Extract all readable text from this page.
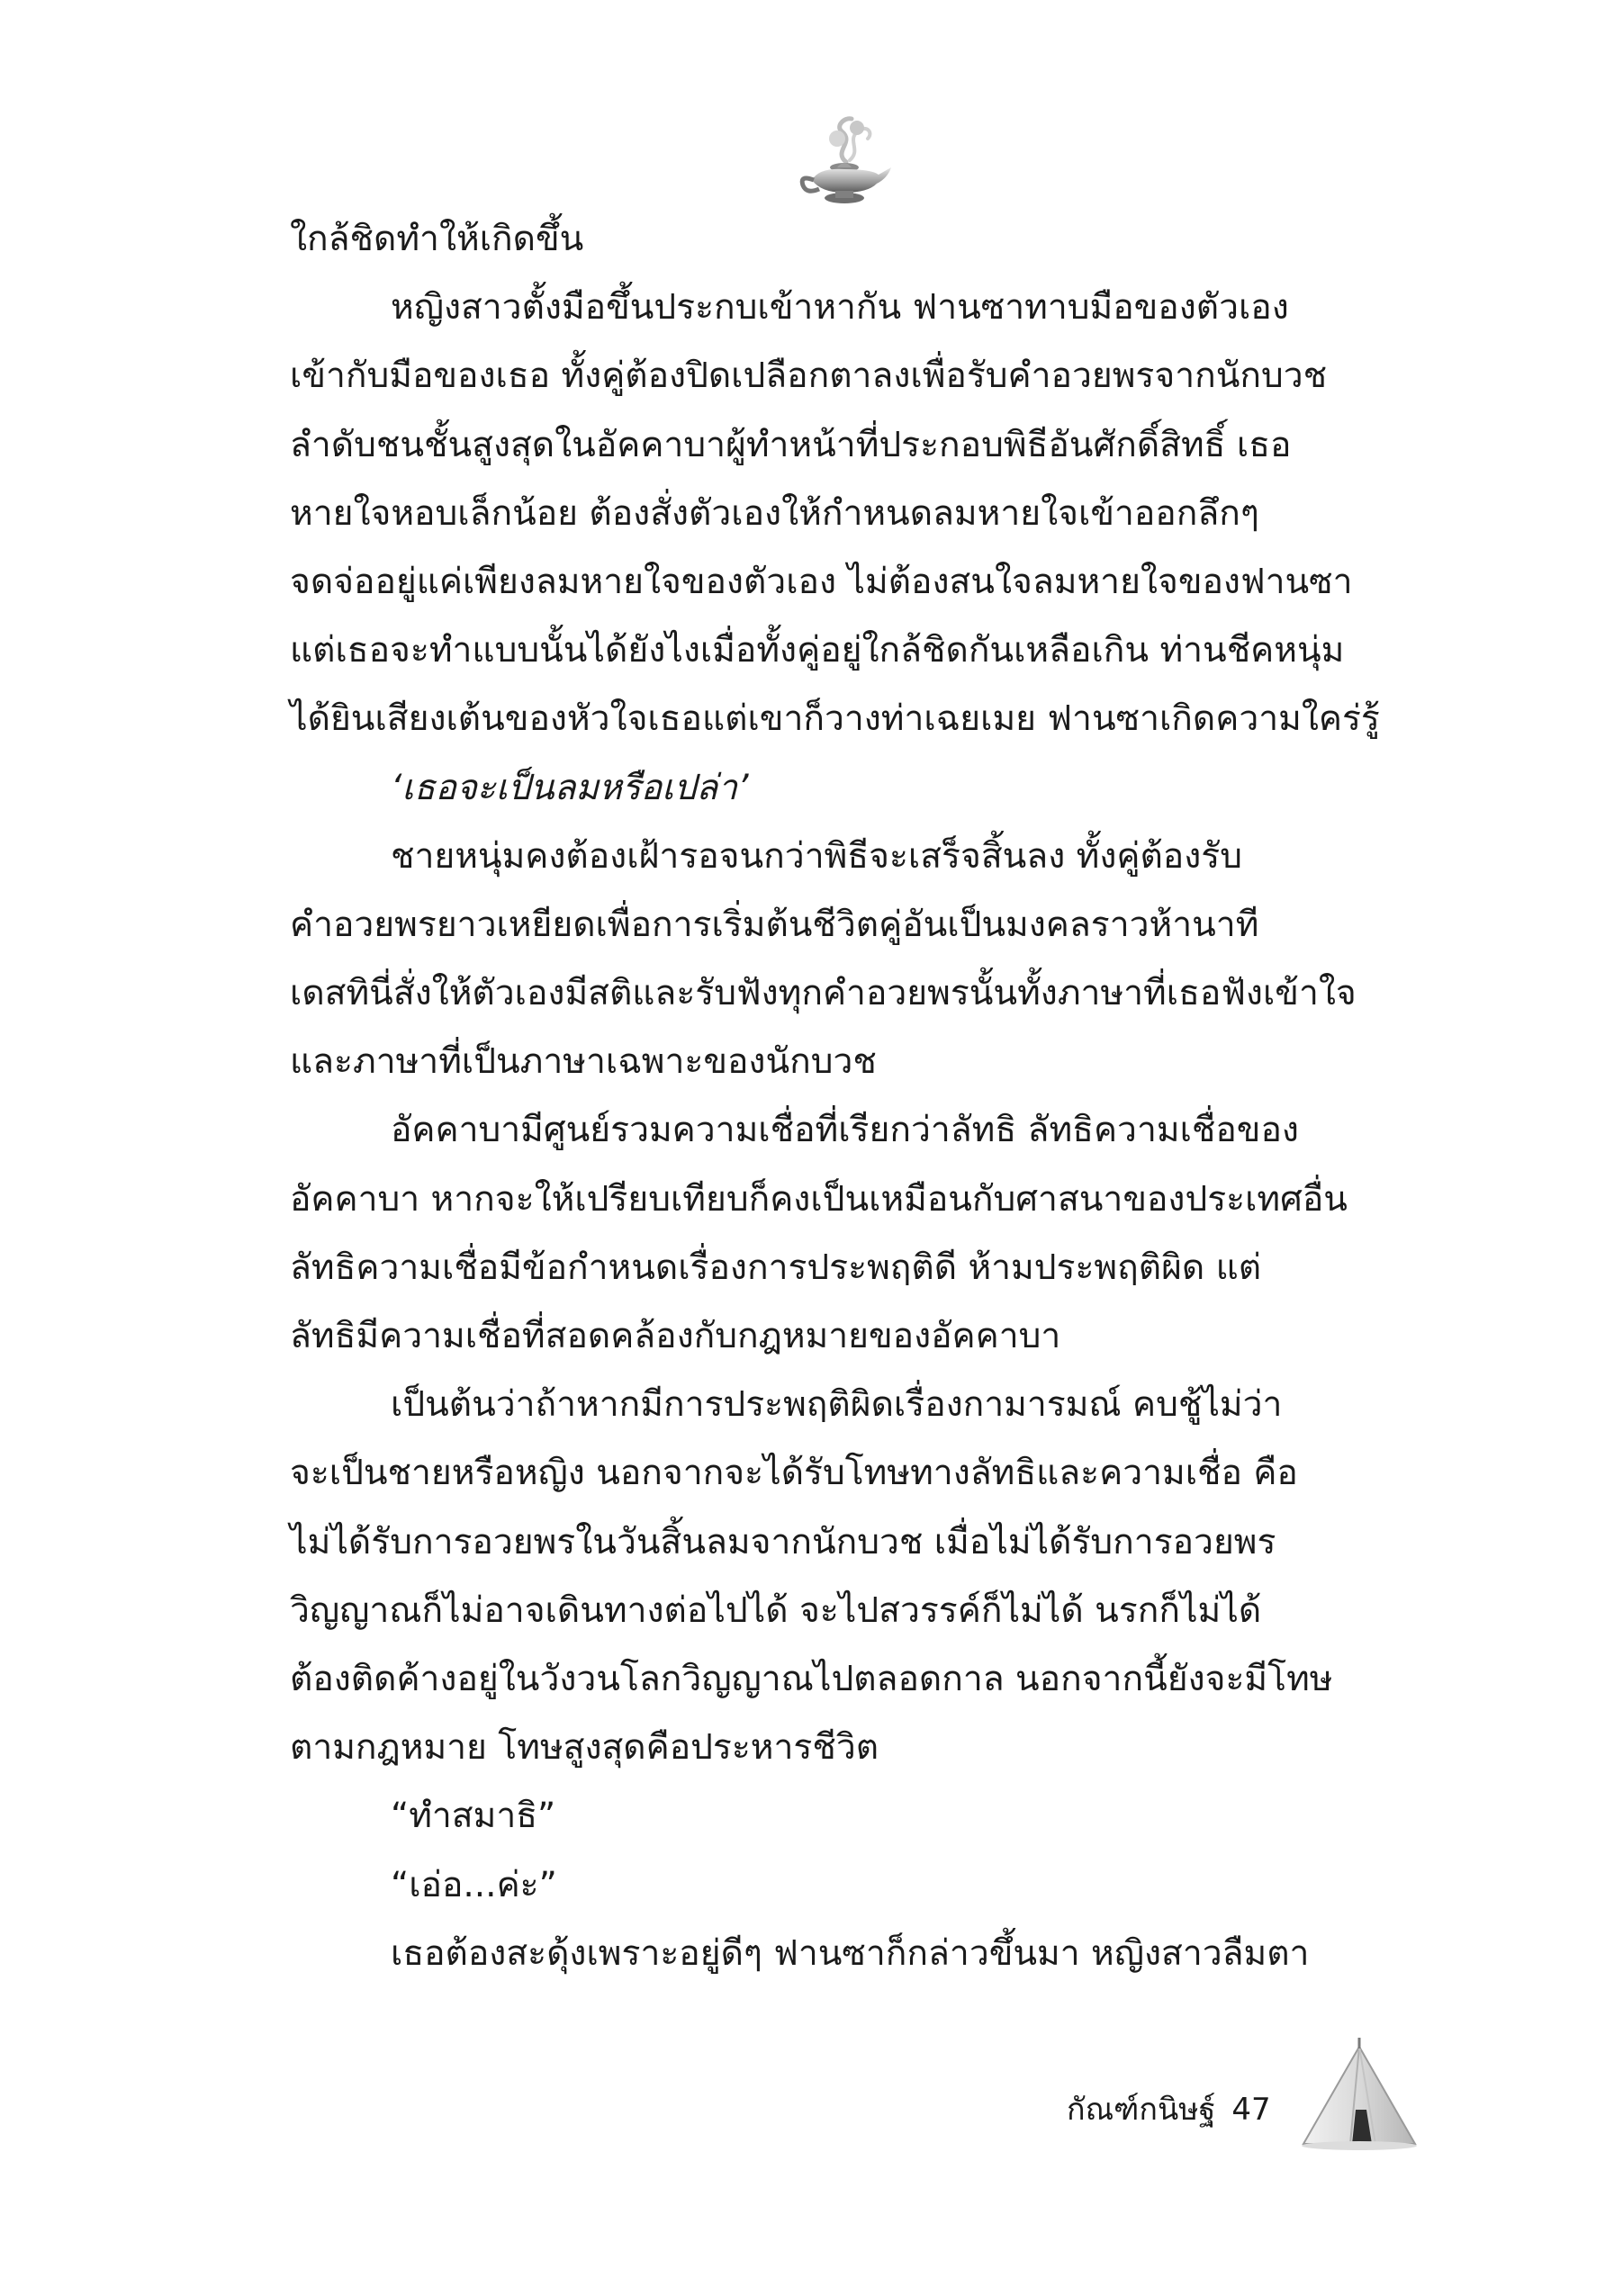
ใกล้ชิดทำให้เกิดขึ้น
หญิงสาวตั้งมือขึ้นประกบเข้าหากัน ฟานซาทาบมือของตัวเอง
เข้ากับมือของเธอ ทั้งคู่ต้องปิดเปลือกตาลงเพื่อรับคำอวยพรจากนักบวช
ลำดับชนชั้นสูงสุดในอัคคาบาผู้ทำหน้าที่ประกอบพิธีอันศักดิ์สิทธิ์ เธอ
หายใจหอบเล็กน้อย ต้องสั่งตัวเองให้กำหนดลมหายใจเข้าออกลึกๆ
จดจ่ออยู่แค่เพียงลมหายใจของตัวเอง ไม่ต้องสนใจลมหายใจของฟานซา
แต่เธอจะทำแบบนั้นได้ยังไงเมื่อทั้งคู่อยู่ใกล้ชิดกันเหลือเกิน ท่านชีคหนุ่ม
ได้ยินเสียงเต้นของหัวใจเธอแต่เขาก็วางท่าเฉยเมย ฟานซาเกิดความใคร่รู้
‘เธอจะเป็นลมหรือเปล่า’
ชายหนุ่มคงต้องเฝ้ารอจนกว่าพิธีจะเสร็จสิ้นลง ทั้งคู่ต้องรับ
คำอวยพรยาวเหยียดเพื่อการเริ่มต้นชีวิตคู่อันเป็นมงคลราวห้านาที
เดสทินี่สั่งให้ตัวเองมีสติและรับฟังทุกคำอวยพรนั้นทั้งภาษาที่เธอฟังเข้าใจ
และภาษาที่เป็นภาษาเฉพาะของนักบวช
อัคคาบามีศูนย์รวมความเชื่อที่เรียกว่าลัทธิ ลัทธิความเชื่อของ
อัคคาบา หากจะให้เปรียบเทียบก็คงเป็นเหมือนกับศาสนาของประเทศอื่น
ลัทธิความเชื่อมีข้อกำหนดเรื่องการประพฤติดี ห้ามประพฤติผิด แต่
ลัทธิมีความเชื่อที่สอดคล้องกับกฎหมายของอัคคาบา
เป็นต้นว่าถ้าหากมีการประพฤติผิดเรื่องกามารมณ์ คบชู้ไม่ว่า
จะเป็นชายหรือหญิง นอกจากจะได้รับโทษทางลัทธิและความเชื่อ คือ
ไม่ได้รับการอวยพรในวันสิ้นลมจากนักบวช เมื่อไม่ได้รับการอวยพร
วิญญาณก็ไม่อาจเดินทางต่อไปได้ จะไปสวรรค์ก็ไม่ได้ นรกก็ไม่ได้
ต้องติดค้างอยู่ในวังวนโลกวิญญาณไปตลอดกาล นอกจากนี้ยังจะมีโทษ
ตามกฎหมาย โทษสูงสุดคือประหารชีวิต
“ทำสมาธิ”
“เอ่อ...ค่ะ”
เธอต้องสะดุ้งเพราะอยู่ดีๆ ฟานซาก็กล่าวขึ้นมา หญิงสาวลืมตา
กัณฑ์กนิษฐ์ 47
